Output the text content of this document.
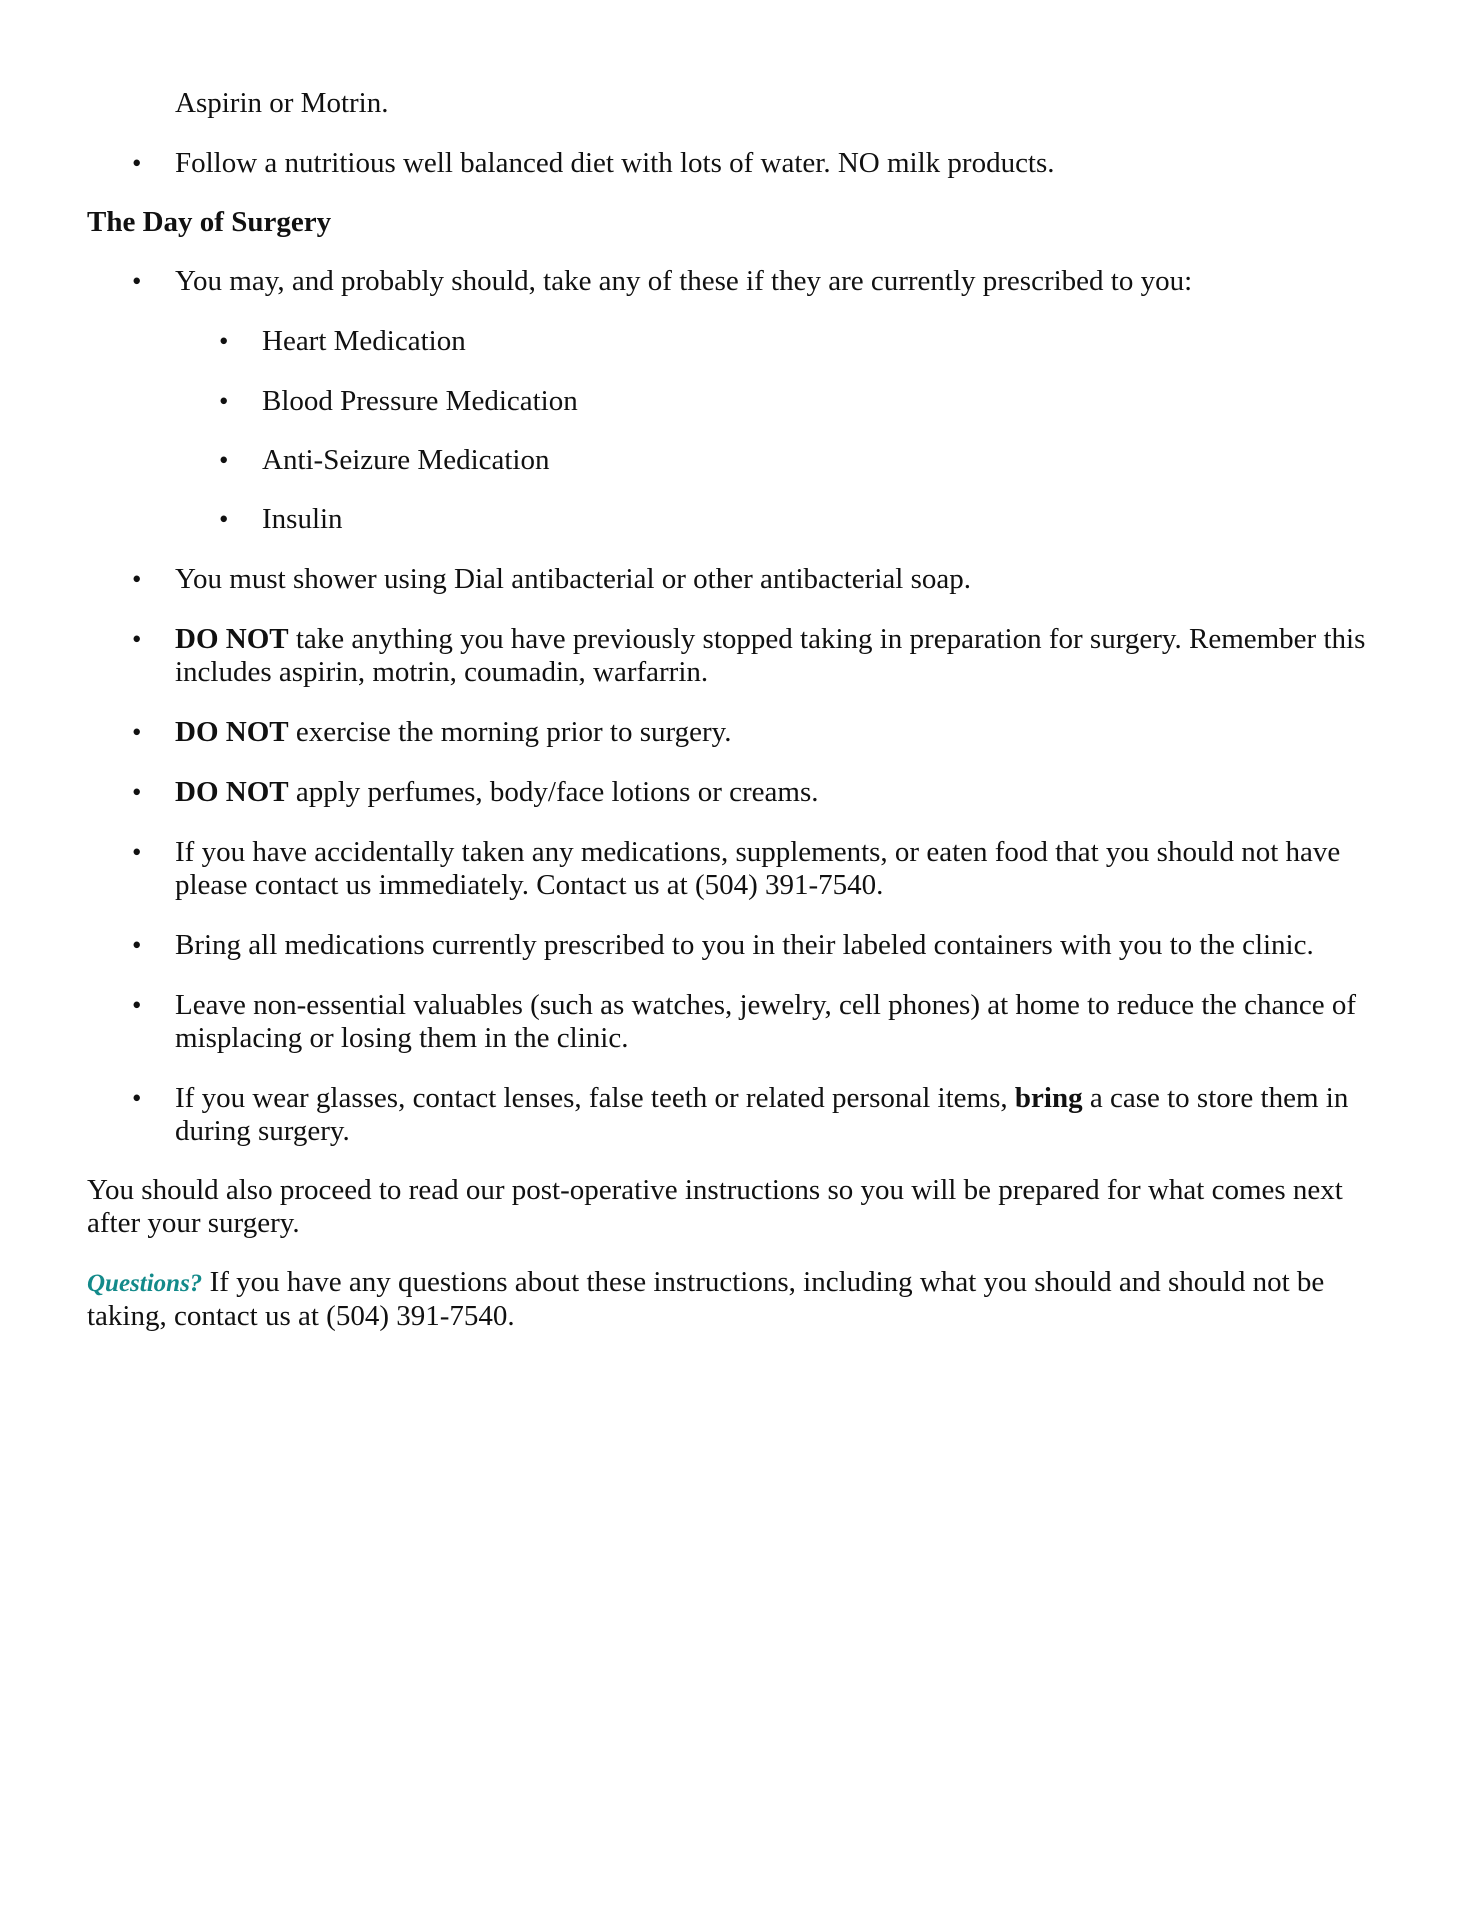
Aspirin or Motrin.

• Follow a nutritious well balanced diet with lots of water. NO milk products.
The Day of Surgery
• You may, and probably should, take any of these if they are currently prescribed to you:
• Heart Medication
• Blood Pressure Medication
• Anti-Seizure Medication
• Insulin
• You must shower using Dial antibacterial or other antibacterial soap.
• DO NOT take anything you have previously stopped taking in preparation for surgery. Remember this includes aspirin, motrin, coumadin, warfarrin.
• DO NOT exercise the morning prior to surgery.
• DO NOT apply perfumes, body/face lotions or creams.
• If you have accidentally taken any medications, supplements, or eaten food that you should not have please contact us immediately. Contact us at (504) 391-7540.
• Bring all medications currently prescribed to you in their labeled containers with you to the clinic.
• Leave non-essential valuables (such as watches, jewelry, cell phones) at home to reduce the chance of misplacing or losing them in the clinic.
• If you wear glasses, contact lenses, false teeth or related personal items, bring a case to store them in during surgery.

You should also proceed to read our post-operative instructions so you will be prepared for what comes next after your surgery.

Questions? If you have any questions about these instructions, including what you should and should not be taking, contact us at (504) 391-7540.
